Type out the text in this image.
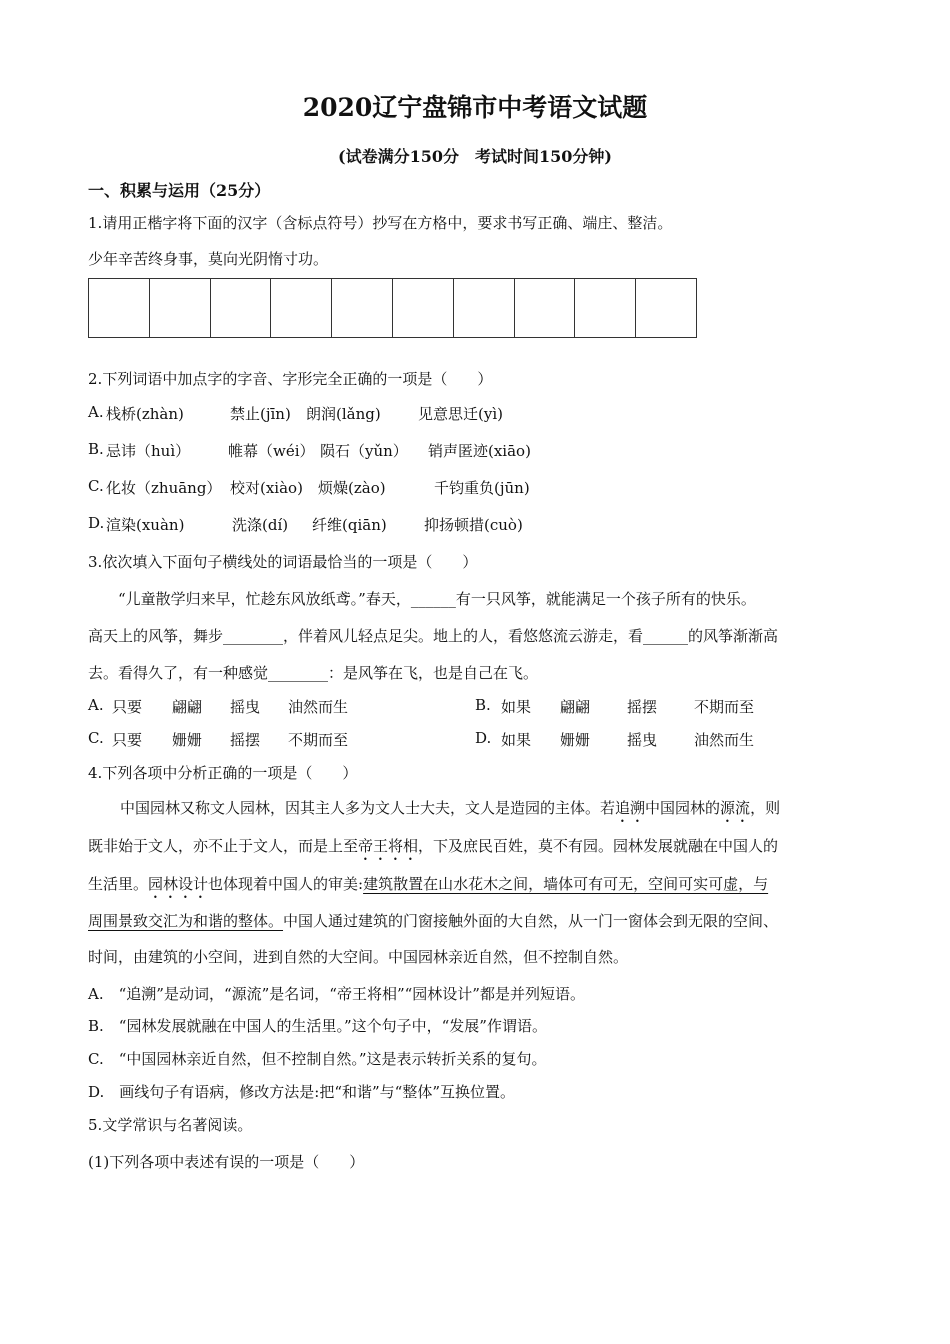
2020辽宁盘锦市中考语文试题
(试卷满分150分　考试时间150分钟)
一、积累与运用（25分）
1.请用正楷字将下面的汉字（含标点符号）抄写在方格中，要求书写正确、端庄、整洁。
少年辛苦终身事，莫向光阴惰寸功。
2.下列词语中加点字的字音、字形完全正确的一项是（　　）
A. 栈桥(zhàn)	禁止(jīn) 朗润(lǎng) 见意思迁(yì)
B. 忌讳（huì）	帷幕（wéi） 陨石（yǔn） 销声匿迹(xiāo)
C. 化妆（zhuāng） 校对(xiào) 烦燥(zào)	千钧重负(jūn)
D. 渲染(xuàn)	洗涤(dí) 纤维(qiān) 抑扬顿措(cuò)
3.依次填入下面句子横线处的词语最恰当的一项是（　　）
“儿童散学归来早，忙趁东风放纸鸢。”春天，______有一只风筝，就能满足一个孩子所有的快乐。
高天上的风筝，舞步________，伴着风儿轻点足尖。地上的人，看悠悠流云游走，看______的风筝渐渐高
去。看得久了，有一种感觉________：是风筝在飞，也是自己在飞。
A. 只要 翩翩 摇曳 油然而生	B. 如果 翩翩 摇摆 不期而至
C. 只要 姗姗 摇摆 不期而至	D. 如果 姗姗 摇曳 油然而生
4.下列各项中分析正确的一项是（　　）
中国园林又称文人园林，因其主人多为文人士大夫，文人是造园的主体。若追溯中国园林的源流，则
既非始于文人，亦不止于文人，而是上至帝王将相，下及庶民百姓，莫不有园。园林发展就融在中国人的
生活里。园林设计也体现着中国人的审美:建筑散置在山水花木之间，墙体可有可无，空间可实可虚，与
周围景致交汇为和谐的整体。中国人通过建筑的门窗接触外面的大自然，从一门一窗体会到无限的空间、
时间，由建筑的小空间，进到自然的大空间。中国园林亲近自然，但不控制自然。
A.　“追溯”是动词，“源流”是名词，“帝王将相”“园林设计”都是并列短语。
B.　“园林发展就融在中国人的生活里。”这个句子中，“发展”作谓语。
C.　“中国园林亲近自然，但不控制自然。”这是表示转折关系的复句。
D.　画线句子有语病，修改方法是:把“和谐”与“整体”互换位置。
5.文学常识与名著阅读。
(1)下列各项中表述有误的一项是（　　）
